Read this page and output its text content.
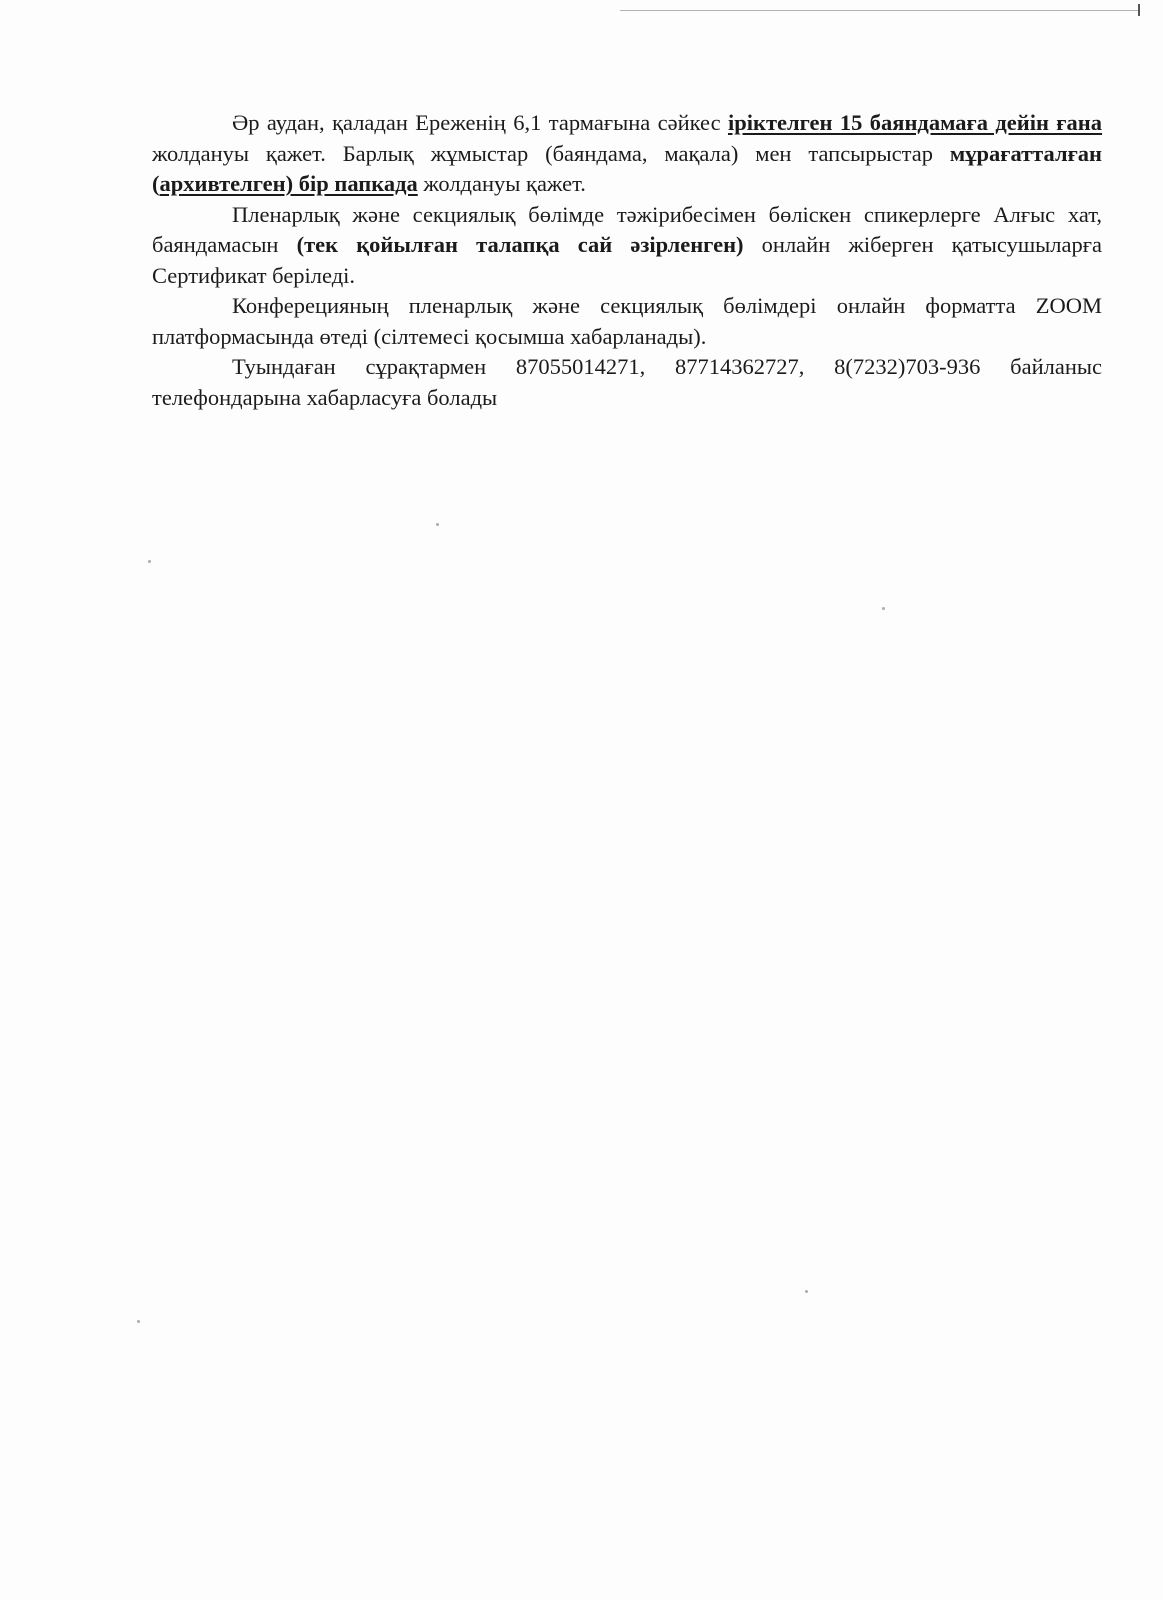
Әр аудан, қаладан Ереженің 6,1 тармағына сәйкес іріктелген 15 баяндамаға дейін ғана жолдануы қажет. Барлық жұмыстар (баяндама, мақала) мен тапсырыстар мұрағатталған (архивтелген) бір папкада жолдануы қажет.

Пленарлық және секциялық бөлімде тәжірибесімен бөліскен спикерлерге Алғыс хат, баяндамасын (тек қойылған талапқа сай әзірленген) онлайн жіберген қатысушыларға Сертификат беріледі.

Конферецияның пленарлық және секциялық бөлімдері онлайн форматта ZOOM платформасында өтеді (сілтемесі қосымша хабарланады).

Туындаған сұрақтармен 87055014271, 87714362727, 8(7232)703-936 байланыс телефондарына хабарласуға болады
